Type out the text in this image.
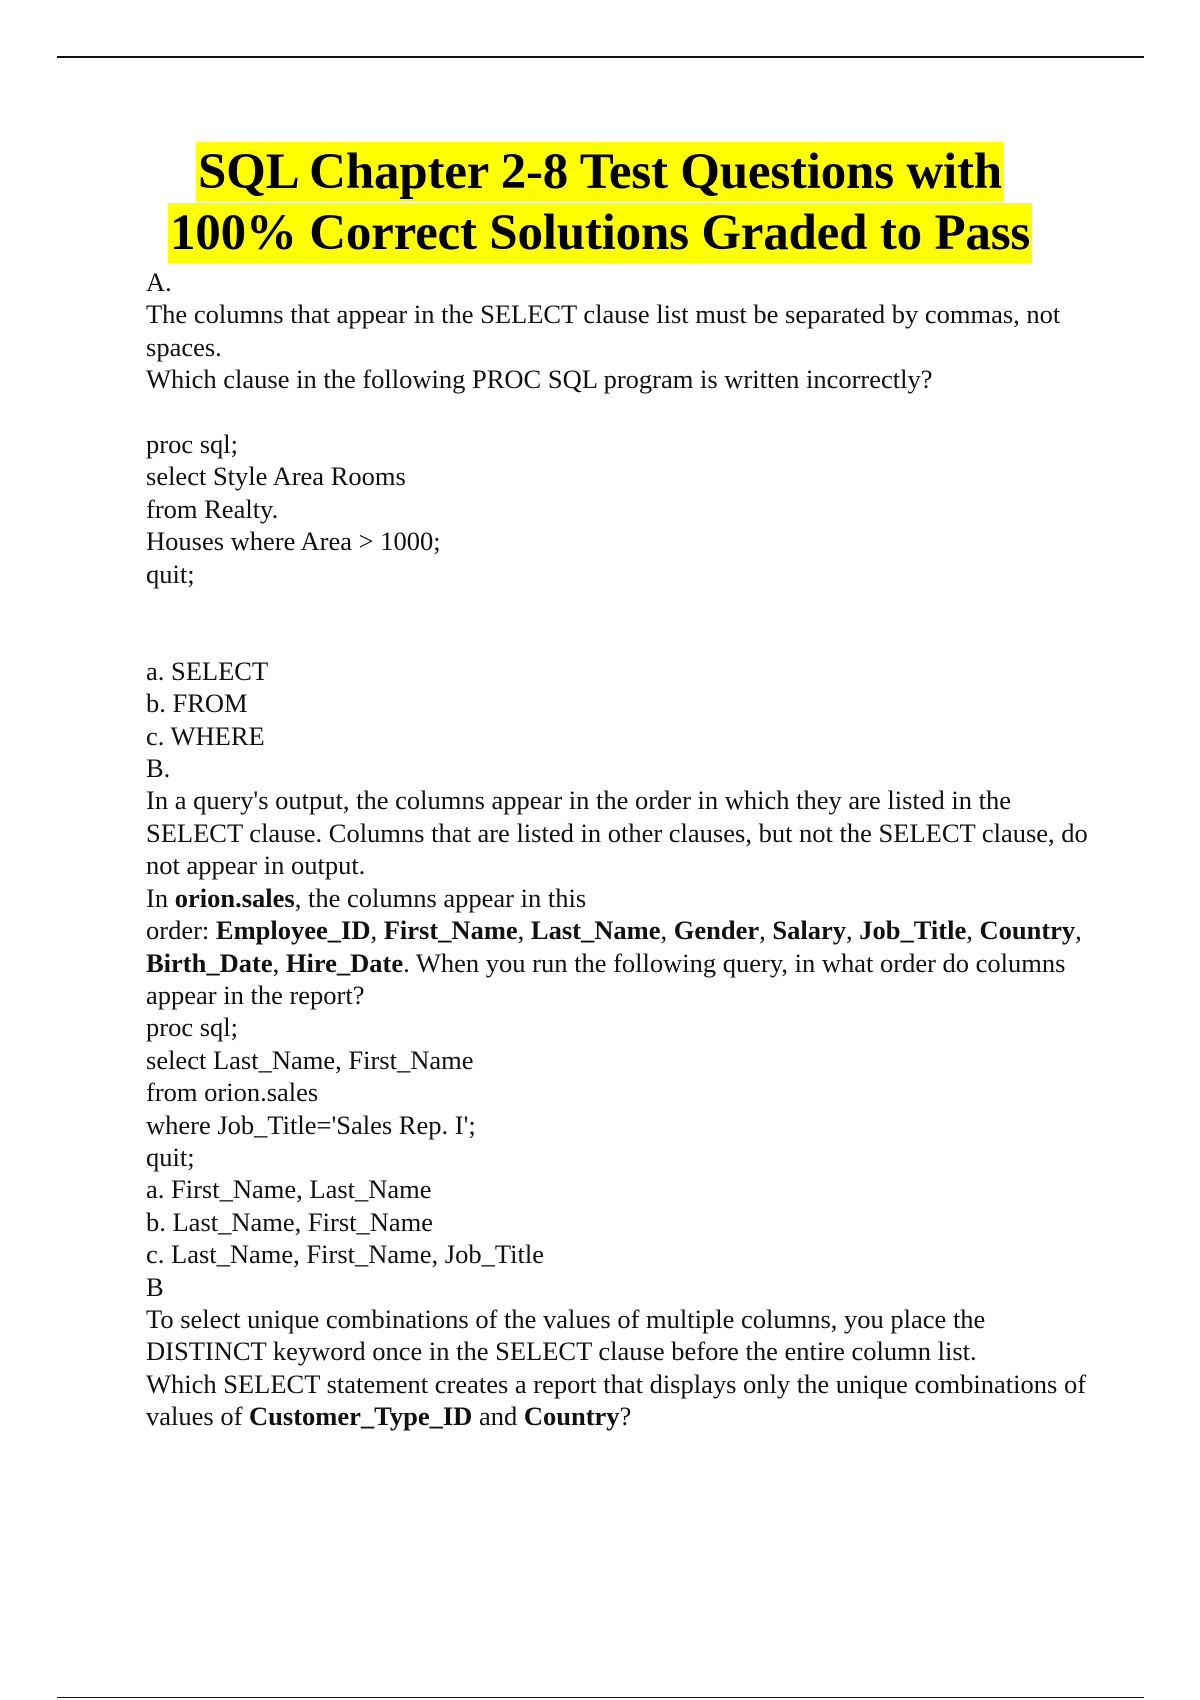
SQL Chapter 2-8 Test Questions with
100% Correct Solutions Graded to Pass

A.

The columns that appear in the SELECT clause list must be separated by commas, not spaces.

Which clause in the following PROC SQL program is written incorrectly?

proc sql;

select Style Area Rooms

from Realty.

Houses where Area > 1000;

quit;

a. SELECT

b. FROM

c. WHERE

B.

In a query's output, the columns appear in the order in which they are listed in the SELECT clause. Columns that are listed in other clauses, but not the SELECT clause, do not appear in output.

In orion.sales, the columns appear in this

order: Employee_ID, First_Name, Last_Name, Gender, Salary, Job_Title, Country, Birth_Date, Hire_Date. When you run the following query, in what order do columns appear in the report?

proc sql;

select Last_Name, First_Name

from orion.sales

where Job_Title='Sales Rep. I';

quit;

a. First_Name, Last_Name

b. Last_Name, First_Name

c. Last_Name, First_Name, Job_Title

B

To select unique combinations of the values of multiple columns, you place the DISTINCT keyword once in the SELECT clause before the entire column list.

Which SELECT statement creates a report that displays only the unique combinations of values of Customer_Type_ID and Country?
